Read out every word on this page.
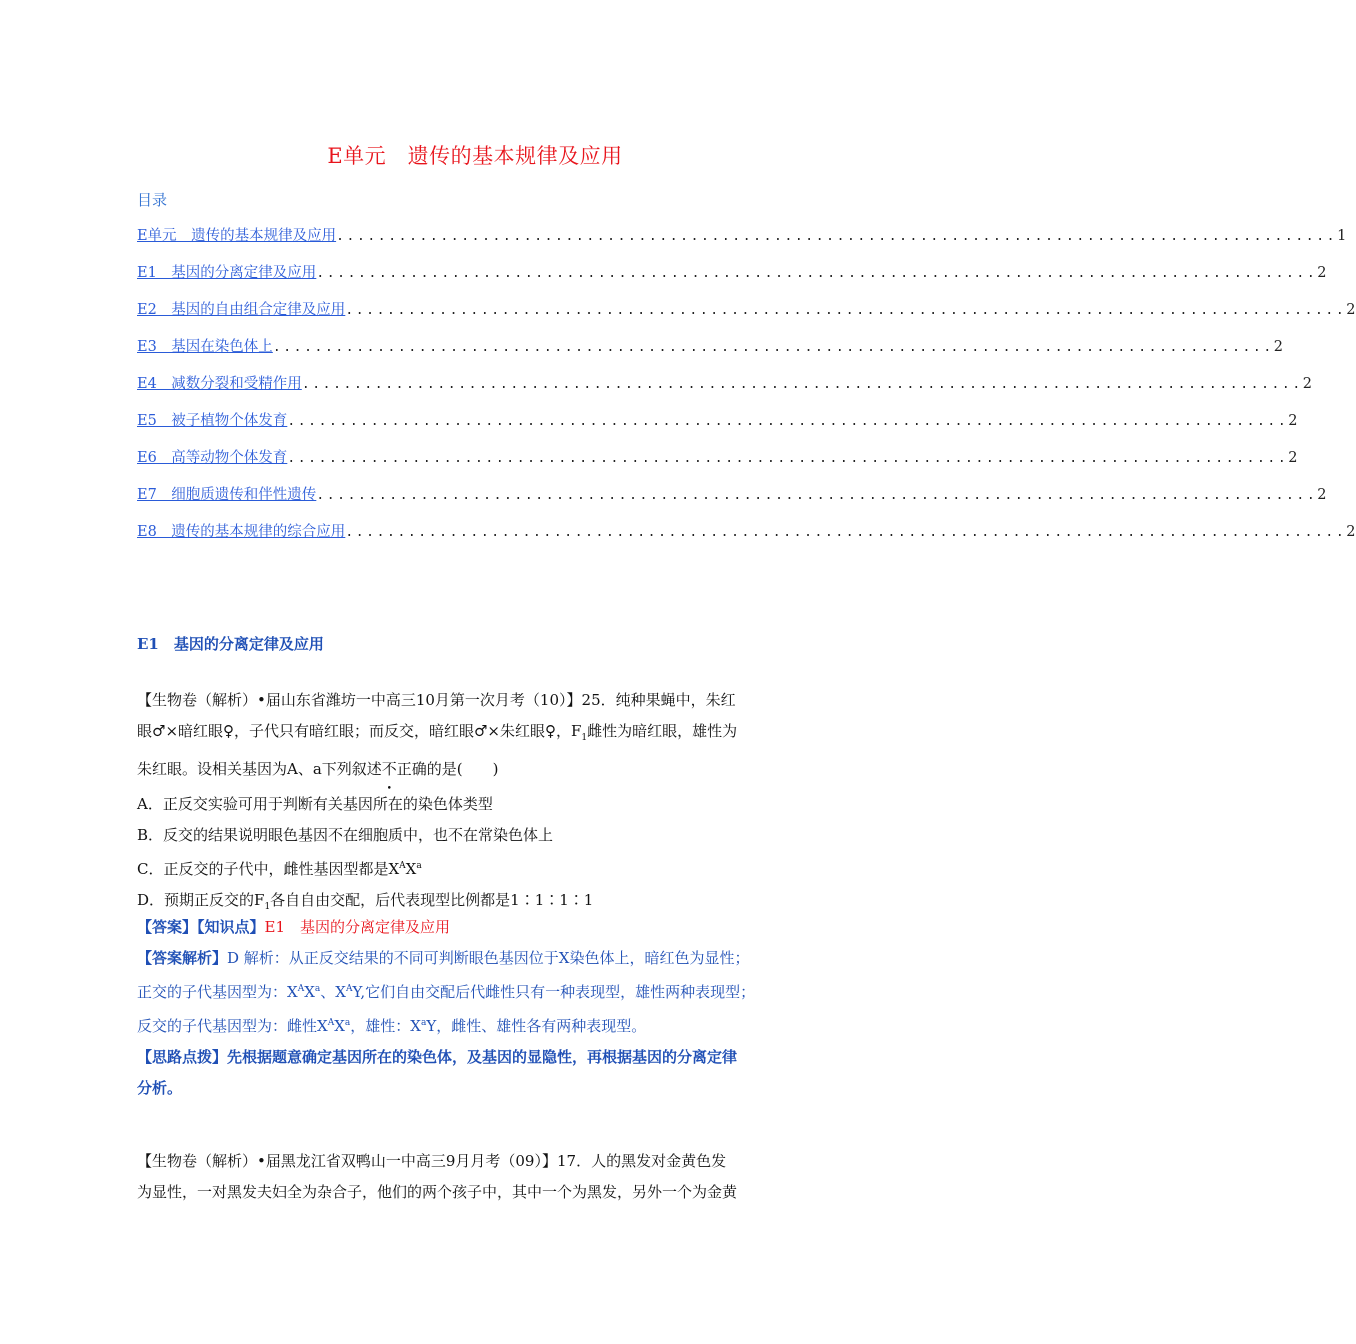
E单元　遗传的基本规律及应用
目录
E单元　遗传的基本规律及应用 ................................................................................................ 1
E1　基因的分离定律及应用 ................................................................................................ 2
E2　基因的自由组合定律及应用 ................................................................................................ 2
E3　基因在染色体上 ................................................................................................ 2
E4　减数分裂和受精作用 ................................................................................................ 2
E5　被子植物个体发育 ................................................................................................ 2
E6　高等动物个体发育 ................................................................................................ 2
E7　细胞质遗传和伴性遗传 ................................................................................................ 2
E8　遗传的基本规律的综合应用 ................................................................................................ 2
E1　基因的分离定律及应用
【生物卷（解析）•届山东省潍坊一中高三10月第一次月考（10）】25．纯种果蝇中，朱红
眼♂×暗红眼♀，子代只有暗红眼；而反交，暗红眼♂×朱红眼♀，$F_1$雌性为暗红眼，雄性为
朱红眼。设相关基因为A、a下列叙述不正确的是(　　)
A．正反交实验可用于判断有关基因所在的染色体类型
B．反交的结果说明眼色基因不在细胞质中，也不在常染色体上
C．正反交的子代中，雌性基因型都是$X^AX^a$
D．预期正反交的$F_1$各自自由交配，后代表现型比例都是1∶1∶1∶1
【答案】【知识点】E1　基因的分离定律及应用
【答案解析】D 解析：从正反交结果的不同可判断眼色基因位于X染色体上，暗红色为显性；
正交的子代基因型为：$X^AX^a$、$X^AY$,它们自由交配后代雌性只有一种表现型，雄性两种表现型；
反交的子代基因型为：雌性$X^AX^a$，雄性：$X^aY$，雌性、雄性各有两种表现型。
【思路点拨】先根据题意确定基因所在的染色体，及基因的显隐性，再根据基因的分离定律
分析。
【生物卷（解析）•届黑龙江省双鸭山一中高三9月月考（09）】17．人的黑发对金黄色发
为显性，一对黑发夫妇全为杂合子，他们的两个孩子中，其中一个为黑发，另外一个为金黄
